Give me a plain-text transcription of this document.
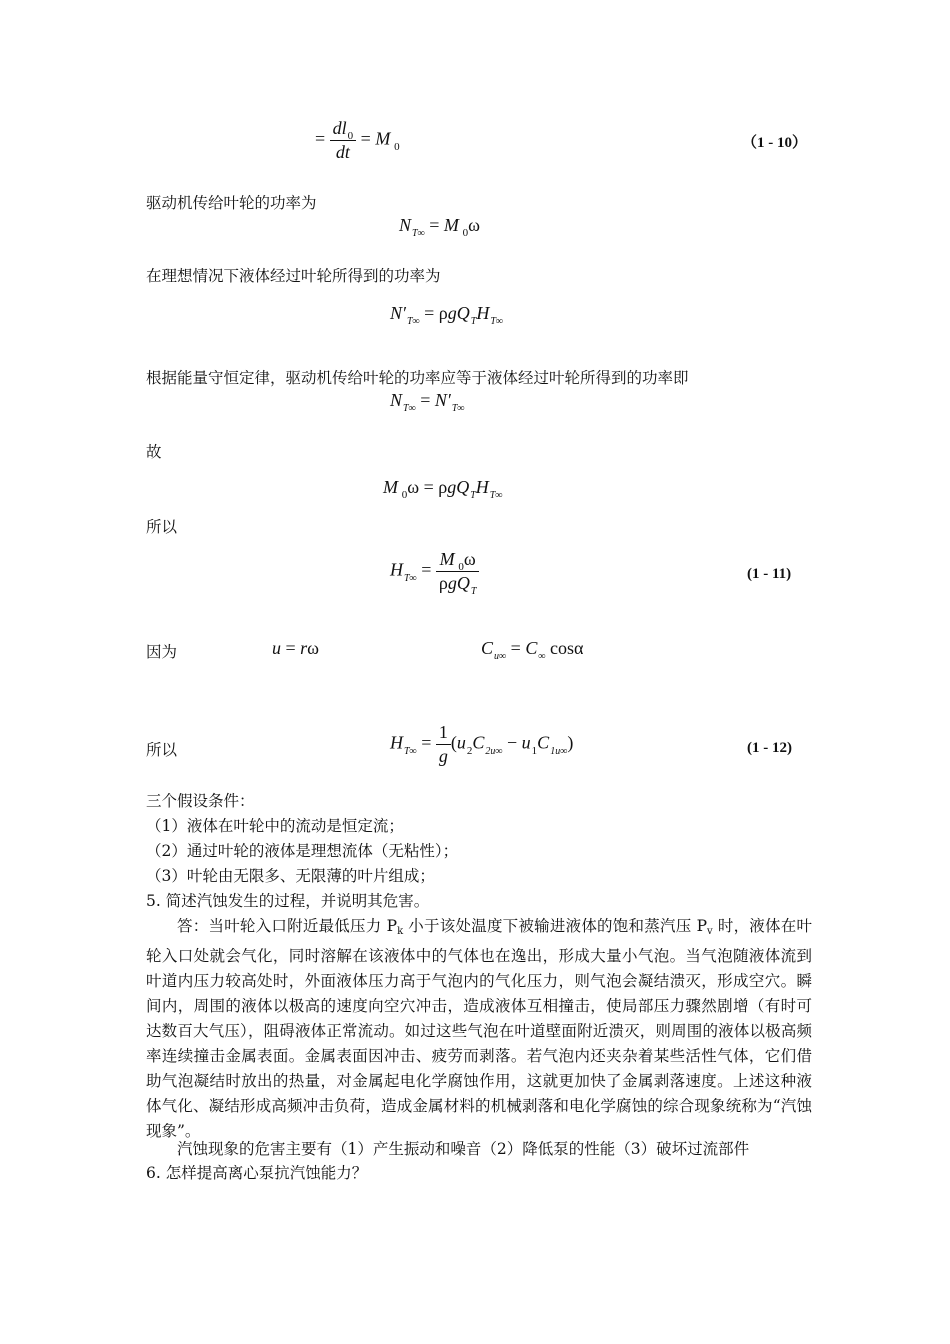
= $\frac{dl_0}{dt} = M$ $_0$	（1 - 10）
驱动机传给叶轮的功率为
$N_{T\infty} = M$ $_0$ω
在理想情况下液体经过叶轮所得到的功率为
$N'_{T\infty} = \rho gQ_TH_{T\infty}$
根据能量守恒定律，驱动机传给叶轮的功率应等于液体经过叶轮所得到的功率即
$N_{T\infty} = N'_{T\infty}$
故
M $_0\omega = \rho gQ_TH_{T\infty}$
所以
$H_{T\infty} = \frac{M _0\omega}{\rho gQ_T}$	(1 - 11)
因为	u = rω	$C_{u\infty} = C_\infty$ cosα
所以	$H_{T\infty} = \frac{1}{g} (u_2C_{2u\infty} - u_1C_{1u\infty})$	(1 - 12)
三个假设条件：
（1）液体在叶轮中的流动是恒定流；
（2）通过叶轮的液体是理想流体（无粘性）；
（3）叶轮由无限多、无限薄的叶片组成；
5. 简述汽蚀发生的过程，并说明其危害。
答：当叶轮入口附近最低压力 $P_k$ 小于该处温度下被输进液体的饱和蒸汽压 $P_v$ 时，液体在叶轮入口处就会气化，同时溶解在该液体中的气体也在逸出，形成大量小气泡。当气泡随液体流到叶道内压力较高处时，外面液体压力高于气泡内的气化压力，则气泡会凝结溃灭，形成空穴。瞬间内，周围的液体以极高的速度向空穴冲击，造成液体互相撞击，使局部压力骤然剧增（有时可达数百大气压），阻碍液体正常流动。如过这些气泡在叶道壁面附近溃灭，则周围的液体以极高频率连续撞击金属表面。金属表面因冲击、疲劳而剥落。若气泡内还夹杂着某些活性气体，它们借助气泡凝结时放出的热量，对金属起电化学腐蚀作用，这就更加快了金属剥落速度。上述这种液体气化、凝结形成高频冲击负荷，造成金属材料的机械剥落和电化学腐蚀的综合现象统称为“汽蚀现象”。
汽蚀现象的危害主要有（1）产生振动和噪音（2）降低泵的性能（3）破坏过流部件
6. 怎样提高离心泵抗汽蚀能力？
